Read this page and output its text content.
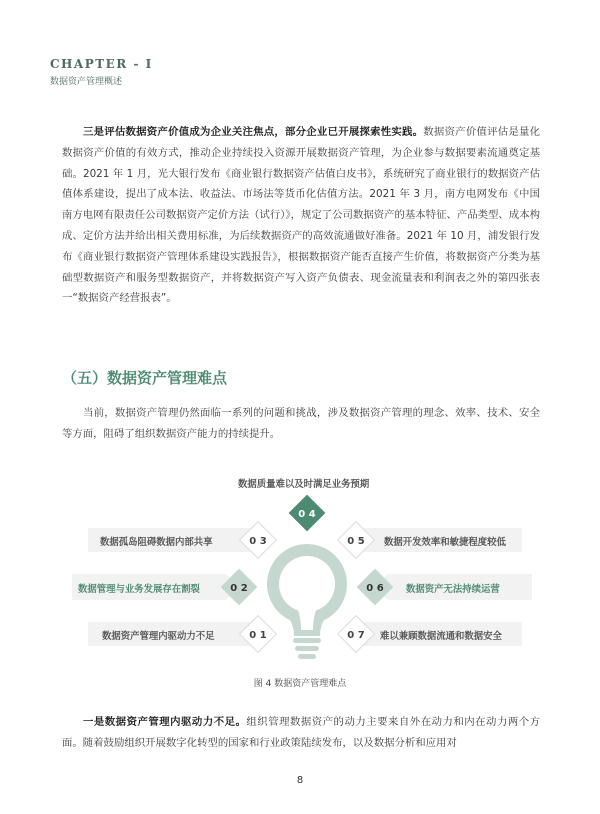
CHAPTER - I
数据资产管理概述

三是评估数据资产价值成为企业关注焦点，部分企业已开展探索性实践。数据资产价值评估是量化数据资产价值的有效方式，推动企业持续投入资源开展数据资产管理，为企业参与数据要素流通奠定基础。2021 年 1 月，光大银行发布《商业银行数据资产估值白皮书》，系统研究了商业银行的数据资产估值体系建设，提出了成本法、收益法、市场法等货币化估值方法。2021 年 3 月，南方电网发布《中国南方电网有限责任公司数据资产定价方法（试行）》，规定了公司数据资产的基本特征、产品类型、成本构成、定价方法并给出相关费用标准，为后续数据资产的高效流通做好准备。2021 年 10 月，浦发银行发布《商业银行数据资产管理体系建设实践报告》，根据数据资产能否直接产生价值，将数据资产分类为基础型数据资产和服务型数据资产，并将数据资产写入资产负债表、现金流量表和利润表之外的第四张表一“数据资产经营报表”。

（五）数据资产管理难点

当前，数据资产管理仍然面临一系列的问题和挑战，涉及数据资产管理的理念、效率、技术、安全等方面，阻碍了组织数据资产能力的持续提升。

0 4
0 3	0 5
0 2	0 6
0 1	0 7
数据质量难以及时满足业务预期
数据孤岛阻碍数据内部共享
数据管理与业务发展存在割裂
数据资产管理内驱动力不足
数据开发效率和敏捷程度较低
数据资产无法持续运营
难以兼顾数据流通和数据安全
图 4 数据资产管理难点

一是数据资产管理内驱动力不足。组织管理数据资产的动力主要来自外在动力和内在动力两个方面。随着鼓励组织开展数字化转型的国家和行业政策陆续发布，以及数据分析和应用对

8
